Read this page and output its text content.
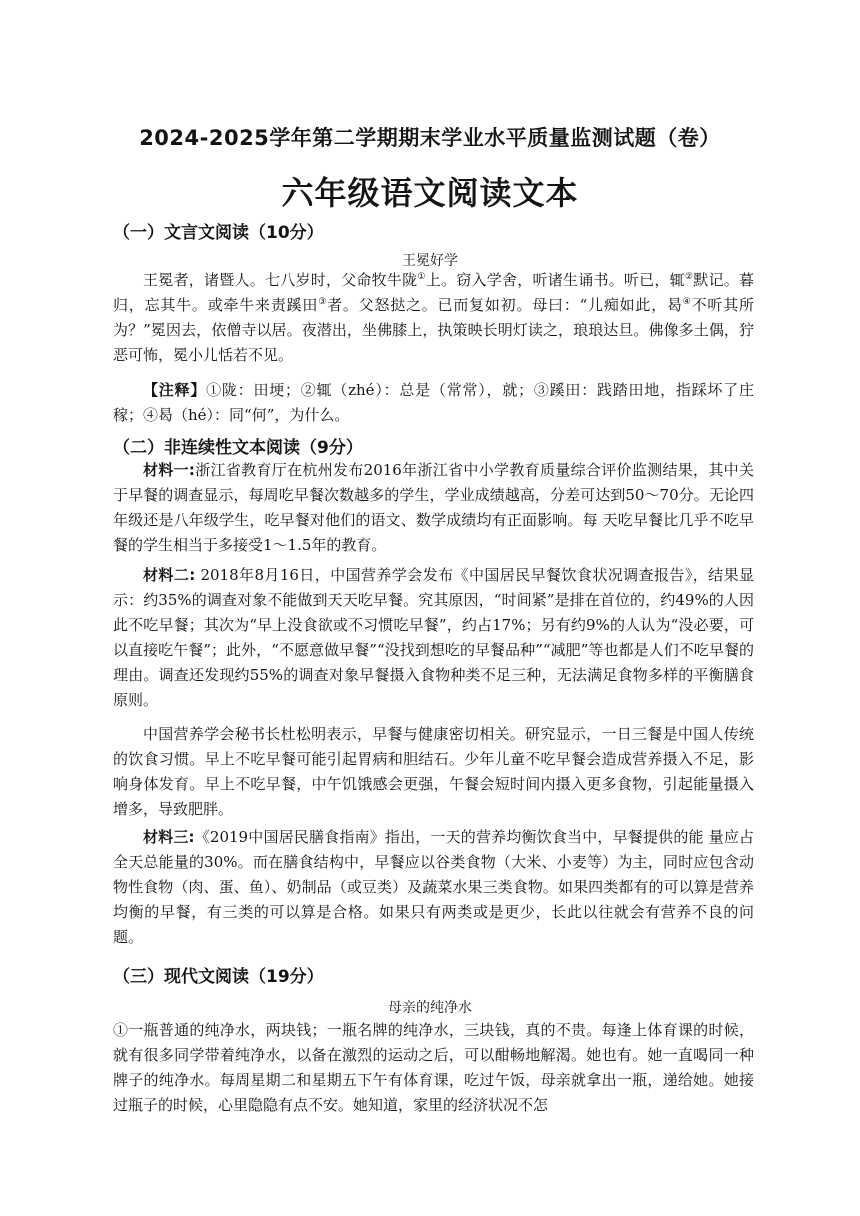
2024-2025学年第二学期期末学业水平质量监测试题（卷）
六年级语文阅读文本
（一）文言文阅读（10分）
王冕好学

王冕者，诸暨人。七八岁时，父命牧牛陇①上。窃入学舍，听诸生诵书。听已，辄②默记。暮归，忘其牛。或牵牛来责蹊田③者。父怒挞之。已而复如初。母曰：“儿痴如此，曷④不听其所为？”冕因去，依僧寺以居。夜潜出，坐佛膝上，执策映长明灯读之，琅琅达旦。佛像多土偶，狞恶可怖，冕小儿恬若不见。

【注释】①陇：田埂；②辄（zhé）：总是（常常），就；③蹊田：践踏田地，指踩坏了庄稼；④曷（hé）：同“何”，为什么。

（二）非连续性文本阅读（9分）

材料一:浙江省教育厅在杭州发布2016年浙江省中小学教育质量综合评价监测结果，其中关于早餐的调查显示，每周吃早餐次数越多的学生，学业成绩越高，分差可达到50～70分。无论四年级还是八年级学生，吃早餐对他们的语文、数学成绩均有正面影响。每 天吃早餐比几乎不吃早餐的学生相当于多接受1～1.5年的教育。

材料二: 2018年8月16日，中国营养学会发布《中国居民早餐饮食状况调查报告》，结果显示：约35%的调查对象不能做到天天吃早餐。究其原因，“时间紧”是排在首位的，约49%的人因此不吃早餐；其次为“早上没食欲或不习惯吃早餐”，约占17%；另有约9%的人认为“没必要，可以直接吃午餐”；此外，“不愿意做早餐”“没找到想吃的早餐品种”“减肥”等也都是人们不吃早餐的理由。调查还发现约55%的调查对象早餐摄入食物种类不足三种，无法满足食物多样的平衡膳食原则。

中国营养学会秘书长杜松明表示，早餐与健康密切相关。研究显示，一日三餐是中国人传统的饮食习惯。早上不吃早餐可能引起胃病和胆结石。少年儿童不吃早餐会造成营养摄入不足，影响身体发育。早上不吃早餐，中午饥饿感会更强，午餐会短时间内摄入更多食物，引起能量摄入增多，导致肥胖。

材料三:《2019中国居民膳食指南》指出，一天的营养均衡饮食当中，早餐提供的能 量应占全天总能量的30%。而在膳食结构中，早餐应以谷类食物（大米、小麦等）为主，同时应包含动物性食物（肉、蛋、鱼）、奶制品（或豆类）及蔬菜水果三类食物。如果四类都有的可以算是营养均衡的早餐，有三类的可以算是合格。如果只有两类或是更少，长此以往就会有营养不良的问题。

（三）现代文阅读（19分）
母亲的纯净水

①一瓶普通的纯净水，两块钱；一瓶名牌的纯净水，三块钱，真的不贵。每逢上体育课的时候，就有很多同学带着纯净水，以备在激烈的运动之后，可以酣畅地解渴。她也有。她一直喝同一种牌子的纯净水。每周星期二和星期五下午有体育课，吃过午饭，母亲就拿出一瓶，递给她。她接过瓶子的时候，心里隐隐有点不安。她知道，家里的经济状况不怎
